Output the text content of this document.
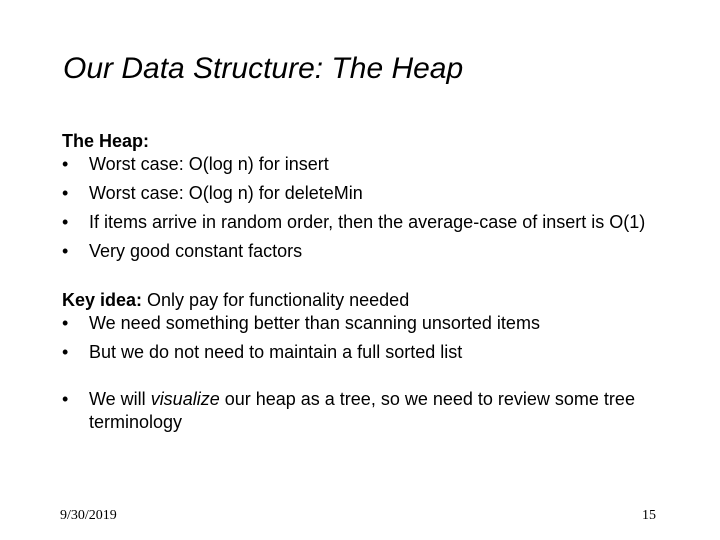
Our Data Structure: The Heap
The Heap:
•	Worst case: O(log n) for insert
•	Worst case: O(log n) for deleteMin
•	If items arrive in random order, then the average-case of insert is O(1)
•	Very good constant factors
Key idea: Only pay for functionality needed
•	We need something better than scanning unsorted items
•	But we do not need to maintain a full sorted list
•	We will visualize our heap as a tree, so we need to review some tree terminology
9/30/2019	15
